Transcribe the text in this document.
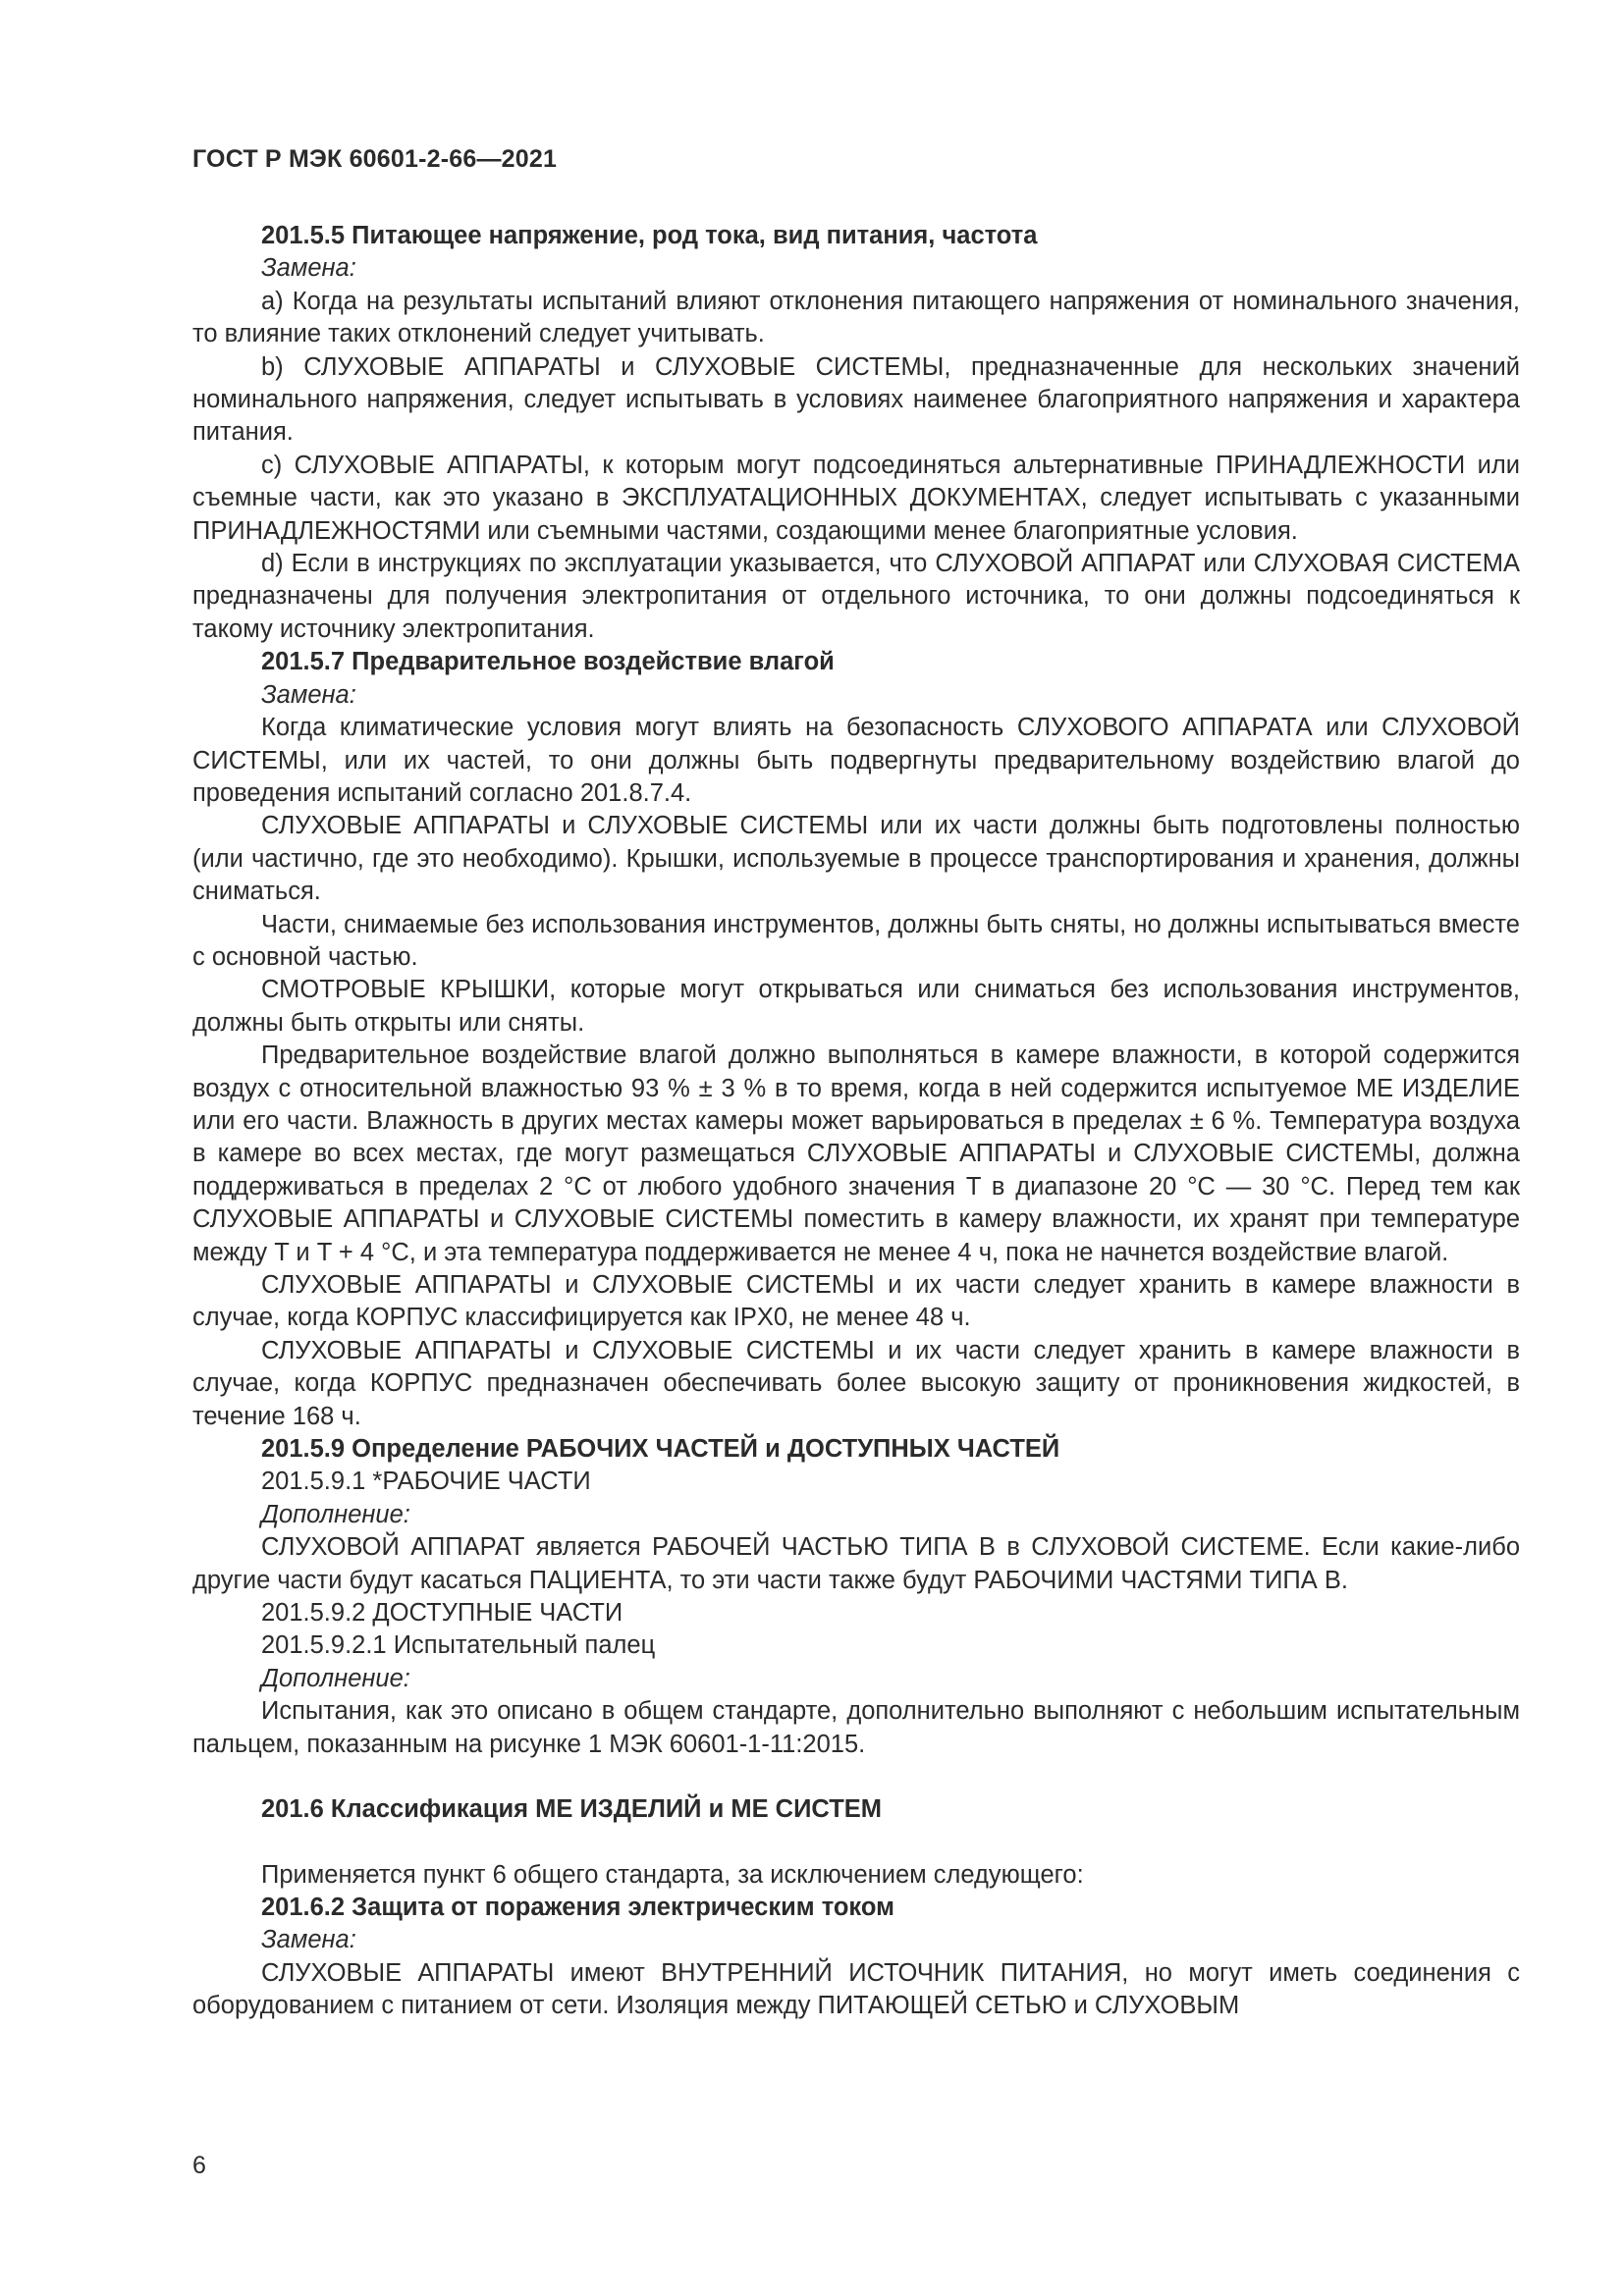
ГОСТ Р МЭК 60601-2-66—2021

201.5.5 Питающее напряжение, род тока, вид питания, частота

Замена:

a) Когда на результаты испытаний влияют отклонения питающего напряжения от номинального значения, то влияние таких отклонений следует учитывать.

b) СЛУХОВЫЕ АППАРАТЫ и СЛУХОВЫЕ СИСТЕМЫ, предназначенные для нескольких значений номинального напряжения, следует испытывать в условиях наименее благоприятного напряжения и характера питания.

c) СЛУХОВЫЕ АППАРАТЫ, к которым могут подсоединяться альтернативные ПРИНАДЛЕЖНОСТИ или съемные части, как это указано в ЭКСПЛУАТАЦИОННЫХ ДОКУМЕНТАХ, следует испытывать с указанными ПРИНАДЛЕЖНОСТЯМИ или съемными частями, создающими менее благоприятные условия.

d) Если в инструкциях по эксплуатации указывается, что СЛУХОВОЙ АППАРАТ или СЛУХОВАЯ СИСТЕМА предназначены для получения электропитания от отдельного источника, то они должны подсоединяться к такому источнику электропитания.

201.5.7 Предварительное воздействие влагой

Замена:

Когда климатические условия могут влиять на безопасность СЛУХОВОГО АППАРАТА или СЛУХОВОЙ СИСТЕМЫ, или их частей, то они должны быть подвергнуты предварительному воздействию влагой до проведения испытаний согласно 201.8.7.4.

СЛУХОВЫЕ АППАРАТЫ и СЛУХОВЫЕ СИСТЕМЫ или их части должны быть подготовлены полностью (или частично, где это необходимо). Крышки, используемые в процессе транспортирования и хранения, должны сниматься.

Части, снимаемые без использования инструментов, должны быть сняты, но должны испытываться вместе с основной частью.

СМОТРОВЫЕ КРЫШКИ, которые могут открываться или сниматься без использования инструментов, должны быть открыты или сняты.

Предварительное воздействие влагой должно выполняться в камере влажности, в которой содержится воздух с относительной влажностью 93 % ± 3 % в то время, когда в ней содержится испытуемое МЕ ИЗДЕЛИЕ или его части. Влажность в других местах камеры может варьироваться в пределах ± 6 %. Температура воздуха в камере во всех местах, где могут размещаться СЛУХОВЫЕ АППАРАТЫ и СЛУХОВЫЕ СИСТЕМЫ, должна поддерживаться в пределах 2 °C от любого удобного значения T в диапазоне 20 °C — 30 °C. Перед тем как СЛУХОВЫЕ АППАРАТЫ и СЛУХОВЫЕ СИСТЕМЫ поместить в камеру влажности, их хранят при температуре между T и T + 4 °C, и эта температура поддерживается не менее 4 ч, пока не начнется воздействие влагой.

СЛУХОВЫЕ АППАРАТЫ и СЛУХОВЫЕ СИСТЕМЫ и их части следует хранить в камере влажности в случае, когда КОРПУС классифицируется как IPX0, не менее 48 ч.

СЛУХОВЫЕ АППАРАТЫ и СЛУХОВЫЕ СИСТЕМЫ и их части следует хранить в камере влажности в случае, когда КОРПУС предназначен обеспечивать более высокую защиту от проникновения жидкостей, в течение 168 ч.

201.5.9 Определение РАБОЧИХ ЧАСТЕЙ и ДОСТУПНЫХ ЧАСТЕЙ

201.5.9.1 *РАБОЧИЕ ЧАСТИ

Дополнение:

СЛУХОВОЙ АППАРАТ является РАБОЧЕЙ ЧАСТЬЮ ТИПА B в СЛУХОВОЙ СИСТЕМЕ. Если какие-либо другие части будут касаться ПАЦИЕНТА, то эти части также будут РАБОЧИМИ ЧАСТЯМИ ТИПА B.

201.5.9.2 ДОСТУПНЫЕ ЧАСТИ

201.5.9.2.1 Испытательный палец

Дополнение:

Испытания, как это описано в общем стандарте, дополнительно выполняют с небольшим испытательным пальцем, показанным на рисунке 1 МЭК 60601-1-11:2015.

201.6 Классификация МЕ ИЗДЕЛИЙ и МЕ СИСТЕМ

Применяется пункт 6 общего стандарта, за исключением следующего:

201.6.2 Защита от поражения электрическим током

Замена:

СЛУХОВЫЕ АППАРАТЫ имеют ВНУТРЕННИЙ ИСТОЧНИК ПИТАНИЯ, но могут иметь соединения с оборудованием с питанием от сети. Изоляция между ПИТАЮЩЕЙ СЕТЬЮ и СЛУХОВЫМ

6
